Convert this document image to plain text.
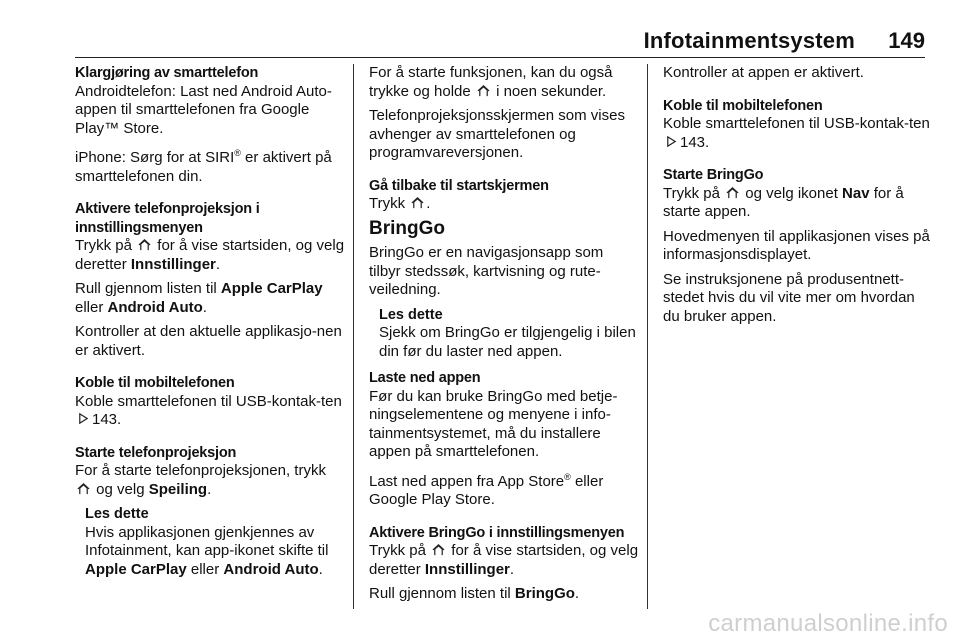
Infotainmentsystem 149

Klargjøring av smarttelefon

Androidtelefon: Last ned Android Auto-appen til smarttelefonen fra Google Play™ Store.

iPhone: Sørg for at SIRI® er aktivert på smarttelefonen din.

Aktivere telefonprojeksjon i innstillingsmenyen

Trykk på  for å vise startsiden, og velg deretter Innstillinger.

Rull gjennom listen til Apple CarPlay eller Android Auto.

Kontroller at den aktuelle applikasjo-nen er aktivert.

Koble til mobiltelefonen

Koble smarttelefonen til USB-kontak-ten 143.

Starte telefonprojeksjon

For å starte telefonprojeksjonen, trykk  og velg Speiling.

Les dette
Hvis applikasjonen gjenkjennes av Infotainment, kan app-ikonet skifte til Apple CarPlay eller Android Auto.

For å starte funksjonen, kan du også trykke og holde  i noen sekunder.

Telefonprojeksjonsskjermen som vises avhenger av smarttelefonen og programvareversjonen.

Gå tilbake til startskjermen

Trykk .

BringGo

BringGo er en navigasjonsapp som tilbyr stedssøk, kartvisning og rute-veiledning.

Les dette
Sjekk om BringGo er tilgjengelig i bilen din før du laster ned appen.

Laste ned appen

Før du kan bruke BringGo med betje-ningselementene og menyene i info-tainmentsystemet, må du installere appen på smarttelefonen.

Last ned appen fra App Store® eller Google Play Store.

Aktivere BringGo i innstillingsmenyen

Trykk på  for å vise startsiden, og velg deretter Innstillinger.

Rull gjennom listen til BringGo.

Kontroller at appen er aktivert.

Koble til mobiltelefonen

Koble smarttelefonen til USB-kontak-ten 143.

Starte BringGo

Trykk på  og velg ikonet Nav for å starte appen.

Hovedmenyen til applikasjonen vises på informasjonsdisplayet.

Se instruksjonene på produsentnett-stedet hvis du vil vite mer om hvordan du bruker appen.

carmanualsonline.info
